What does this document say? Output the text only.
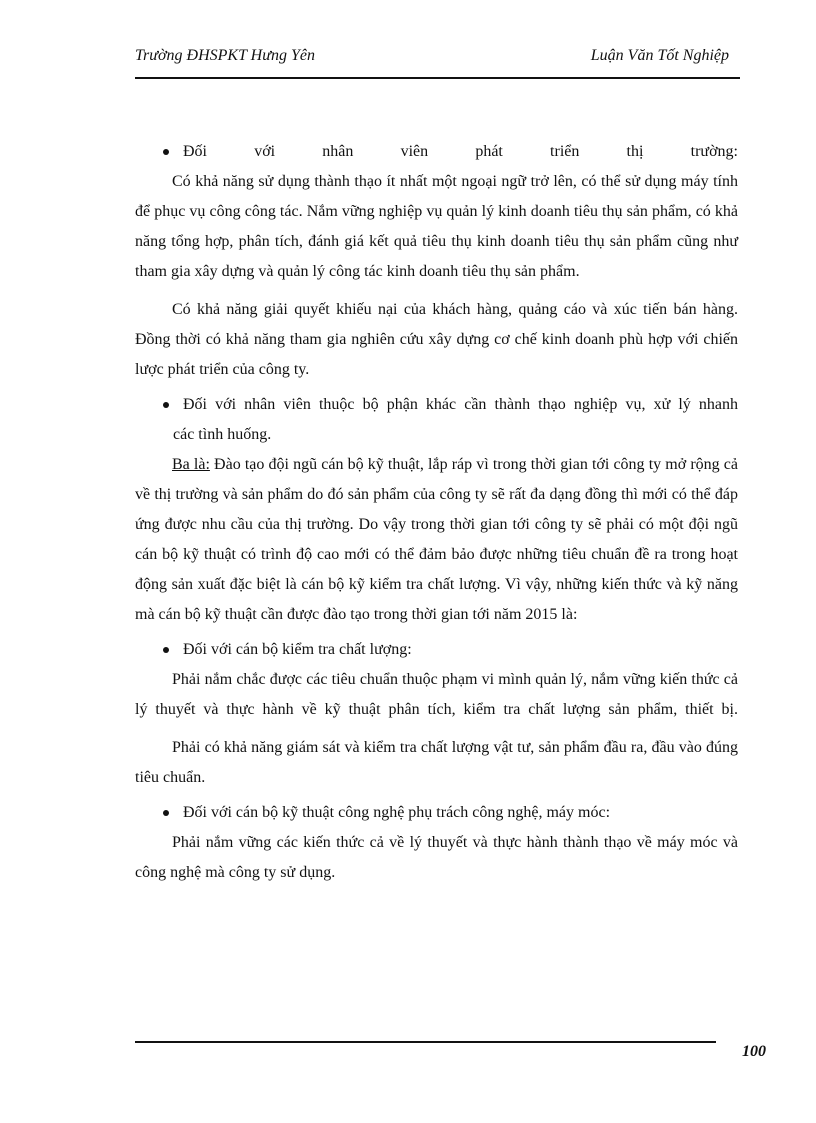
Trường ĐHSPKT Hưng Yên	Luận Văn Tốt Nghiệp
Đối với nhân viên phát triển thị trường:

Có khả năng sử dụng thành thạo ít nhất một ngoại ngữ trở lên, có thể sử dụng máy tính để phục vụ công công tác. Nắm vững nghiệp vụ quản lý kinh doanh tiêu thụ sản phẩm, có khả năng tổng hợp, phân tích, đánh giá kết quả tiêu thụ kinh doanh tiêu thụ sản phẩm cũng như tham gia xây dựng và quản lý công tác kinh doanh tiêu thụ sản phẩm.

Có khả năng giải quyết khiếu nại của khách hàng, quảng cáo và xúc tiến bán hàng. Đồng thời có khả năng tham gia nghiên cứu xây dựng cơ chế kinh doanh phù hợp với chiến lược phát triển của công ty.

Đối với nhân viên thuộc bộ phận khác cần thành thạo nghiệp vụ, xử lý nhanh
các tình huống.

Ba là: Đào tạo đội ngũ cán bộ kỹ thuật, lắp ráp vì trong thời gian tới công ty mở rộng cả về thị trường và sản phẩm do đó sản phẩm của công ty sẽ rất đa dạng đồng thì mới có thể đáp ứng được nhu cầu của thị trường. Do vậy trong thời gian tới công ty sẽ phải có một đội ngũ cán bộ kỹ thuật có trình độ cao mới có thể đảm bảo được những tiêu chuẩn đề ra trong hoạt động sản xuất đặc biệt là cán bộ kỹ kiểm tra chất lượng. Vì vậy, những kiến thức và kỹ năng mà cán bộ kỹ thuật cần được đào tạo trong thời gian tới năm 2015 là:

Đối với cán bộ kiểm tra chất lượng:

Phải nắm chắc được các tiêu chuẩn thuộc phạm vi mình quản lý, nắm vững kiến thức cả lý thuyết và thực hành về kỹ thuật phân tích, kiểm tra chất lượng sản phẩm, thiết bị.

Phải có khả năng giám sát và kiểm tra chất lượng vật tư, sản phẩm đầu ra, đầu vào đúng tiêu chuẩn.

Đối với cán bộ kỹ thuật công nghệ phụ trách công nghệ, máy móc:

Phải nắm vững các kiến thức cả về lý thuyết và thực hành thành thạo về máy móc và công nghệ mà công ty sử dụng.

100
